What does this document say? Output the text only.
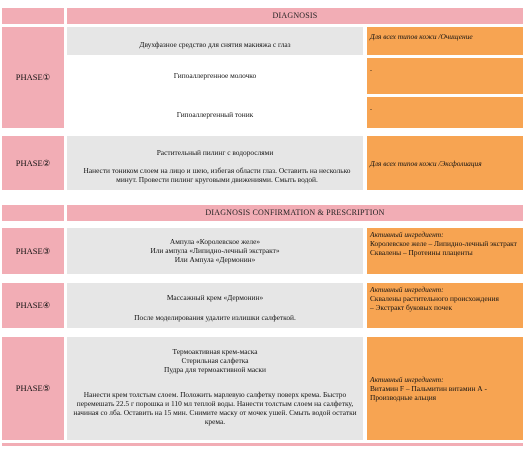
DIAGNOSIS
PHASE①
Двухфазное средство для снятия макияжа с глаз
Для всех типов кожи /Очищение
Гипоаллергенное молочко
.
Гипоаллергенный тоник
.
PHASE②
Растительный пилинг с водорослями
Нанести тоником слоем на лицо и шею, избегая области глаз. Оставить на несколько минут. Провести пилинг круговыми движениями. Смыть водой.
Для всех типов кожи /Эксфолиация
DIAGNOSIS CONFIRMATION & PRESCRIPTION
PHASE③
Ампула «Королевское желе»
Или ампула «Липидно-лечный экстракт»
Или Ампула «Дермонин»
Активный ингредиент:
Королевское желе – Липидно-лечный экстракт
Сквалены – Протеины плаценты
PHASE④
Массажный крем «Дермонин»
После моделирования удалите излишки салфеткой.
Активный ингредиент:
Сквалены растительного происхождения – Экстракт буковых почек
PHASE⑤
Термоактивная крем-маска
Стерильная салфетка
Пудра для термоактивной маски
Нанести крем толстым слоем. Положить марлевую салфетку поверх крема. Быстро перемешать 22.5 г порошка и 110 мл теплой воды. Нанести толстым слоем на салфетку, начиная со лба. Оставить на 15 мин. Снимите маску от мочек ушей. Смыть водой остатки крема.
Активный ингредиент:
Витамин F – Пальмитин витамин А - Производные альция
